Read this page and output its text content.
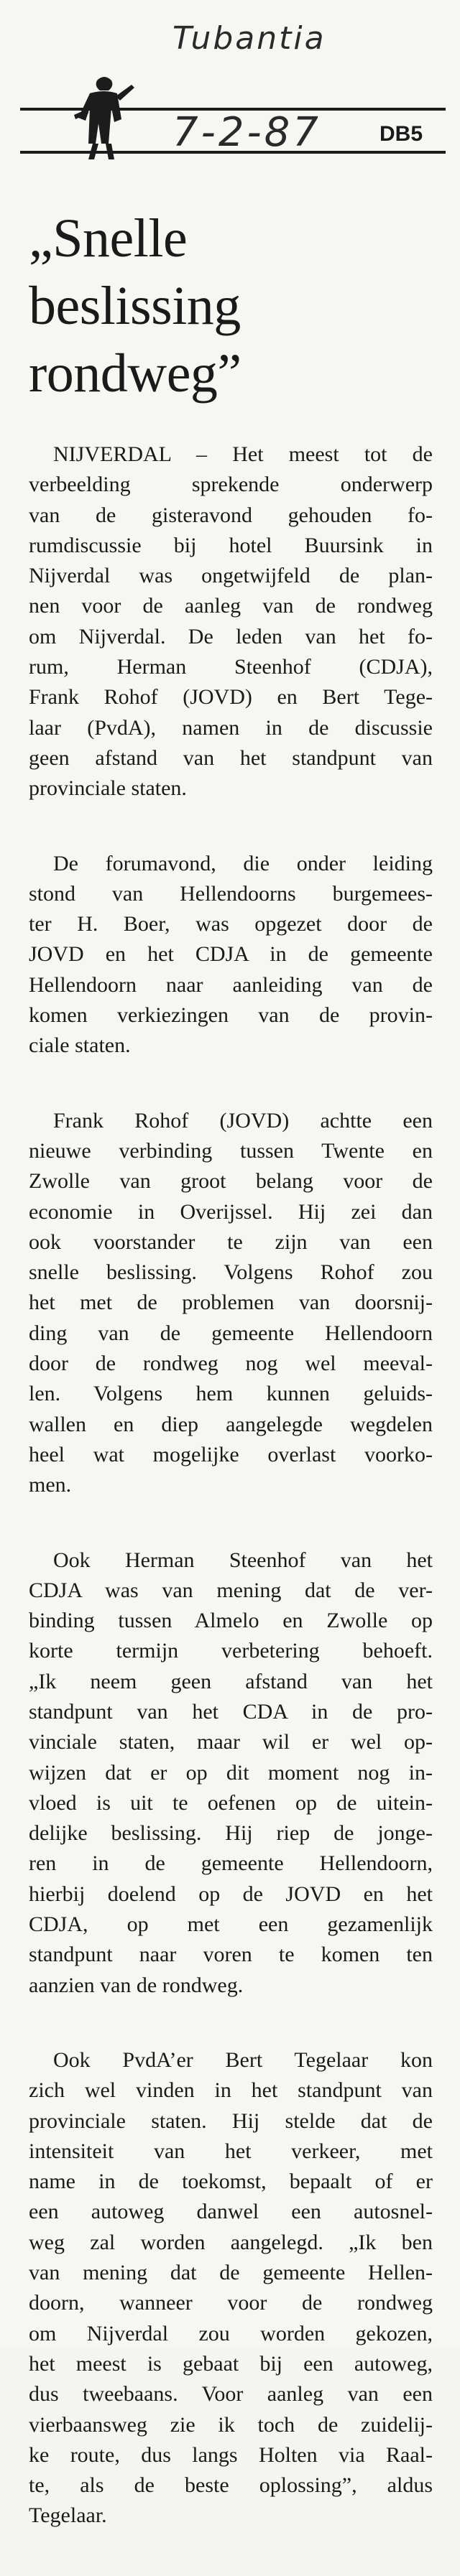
Tubantia
7-2-87	DB5
„Snelle
beslissing
rondweg”
NIJVERDAL – Het meest tot de
verbeelding sprekende onderwerp
van de gisteravond gehouden fo-
rumdiscussie bij hotel Buursink in
Nijverdal was ongetwijfeld de plan-
nen voor de aanleg van de rondweg
om Nijverdal. De leden van het fo-
rum, Herman Steenhof (CDJA),
Frank Rohof (JOVD) en Bert Tege-
laar (PvdA), namen in de discussie
geen afstand van het standpunt van
provinciale staten.
De forumavond, die onder leiding
stond van Hellendoorns burgemees-
ter H. Boer, was opgezet door de
JOVD en het CDJA in de gemeente
Hellendoorn naar aanleiding van de
komen verkiezingen van de provin-
ciale staten.
Frank Rohof (JOVD) achtte een
nieuwe verbinding tussen Twente en
Zwolle van groot belang voor de
economie in Overijssel. Hij zei dan
ook voorstander te zijn van een
snelle beslissing. Volgens Rohof zou
het met de problemen van doorsnij-
ding van de gemeente Hellendoorn
door de rondweg nog wel meeval-
len. Volgens hem kunnen geluids-
wallen en diep aangelegde wegdelen
heel wat mogelijke overlast voorko-
men.
Ook Herman Steenhof van het
CDJA was van mening dat de ver-
binding tussen Almelo en Zwolle op
korte termijn verbetering behoeft.
„Ik neem geen afstand van het
standpunt van het CDA in de pro-
vinciale staten, maar wil er wel op-
wijzen dat er op dit moment nog in-
vloed is uit te oefenen op de uitein-
delijke beslissing. Hij riep de jonge-
ren in de gemeente Hellendoorn,
hierbij doelend op de JOVD en het
CDJA, op met een gezamenlijk
standpunt naar voren te komen ten
aanzien van de rondweg.
Ook PvdA’er Bert Tegelaar kon
zich wel vinden in het standpunt van
provinciale staten. Hij stelde dat de
intensiteit van het verkeer, met
name in de toekomst, bepaalt of er
een autoweg danwel een autosnel-
weg zal worden aangelegd. „Ik ben
van mening dat de gemeente Hellen-
doorn, wanneer voor de rondweg
om Nijverdal zou worden gekozen,
het meest is gebaat bij een autoweg,
dus tweebaans. Voor aanleg van een
vierbaansweg zie ik toch de zuidelij-
ke route, dus langs Holten via Raal-
te, als de beste oplossing”, aldus
Tegelaar.
